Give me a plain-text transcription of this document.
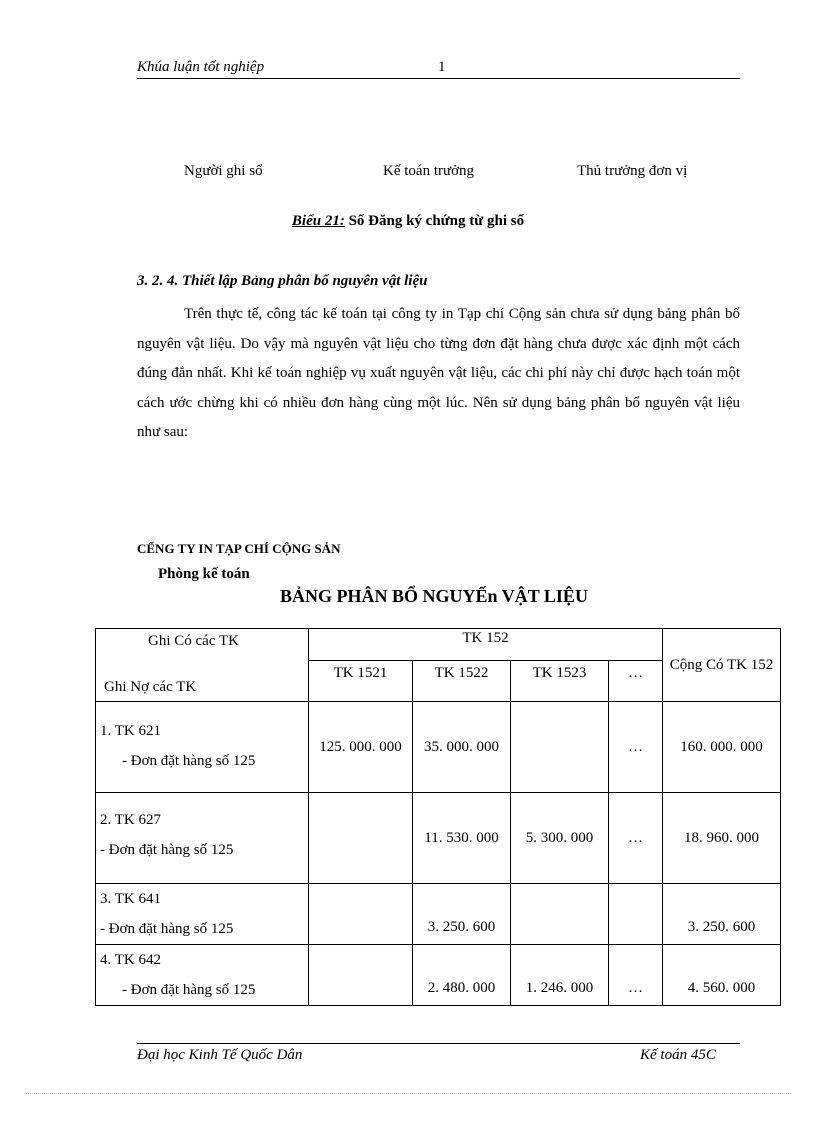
Khúa luận tốt nghiệp	1
Người ghi sổ	Kế toán trưởng	Thủ trưởng đơn vị
Biểu 21: Sổ Đăng ký chứng từ ghi sổ
3. 2. 4. Thiết lập Bảng phân bổ nguyên vật liệu
Trên thực tế, công tác kế toán tại công ty in Tạp chí Cộng sản chưa sử dụng bảng phân bổ nguyên vật liệu. Do vậy mà nguyên vật liệu cho từng đơn đặt hàng chưa được xác định một cách đúng đắn nhất. Khi kế toán nghiệp vụ xuất nguyên vật liệu, các chi phí này chỉ được hạch toán một cách ước chừng khi có nhiều đơn hàng cùng một lúc. Nên sử dụng bảng phân bổ nguyên vật liệu như sau:
CẾNG TY IN TẠP CHÍ CỘNG SẢN
Phòng kế toán
BẢNG PHÂN BỔ NGUYẾn VẬT LIỆU
Ghi Có các TK
Ghi Nợ các TK	TK 152				Cộng Có TK 152
	TK 1521	TK 1522	TK 1523	…	

1. TK 621
- Đơn đặt hàng số 125	125. 000. 000	35. 000. 000		…	160. 000. 000

2. TK 627
- Đơn đặt hàng số 125		11. 530. 000	5. 300. 000	…	18. 960. 000

3. TK 641
- Đơn đặt hàng số 125		3. 250. 600			3. 250. 600

4. TK 642
- Đơn đặt hàng số 125		2. 480. 000	1. 246. 000	…	4. 560. 000
Đại học Kinh Tế Quốc Dân	Kế toán 45C
